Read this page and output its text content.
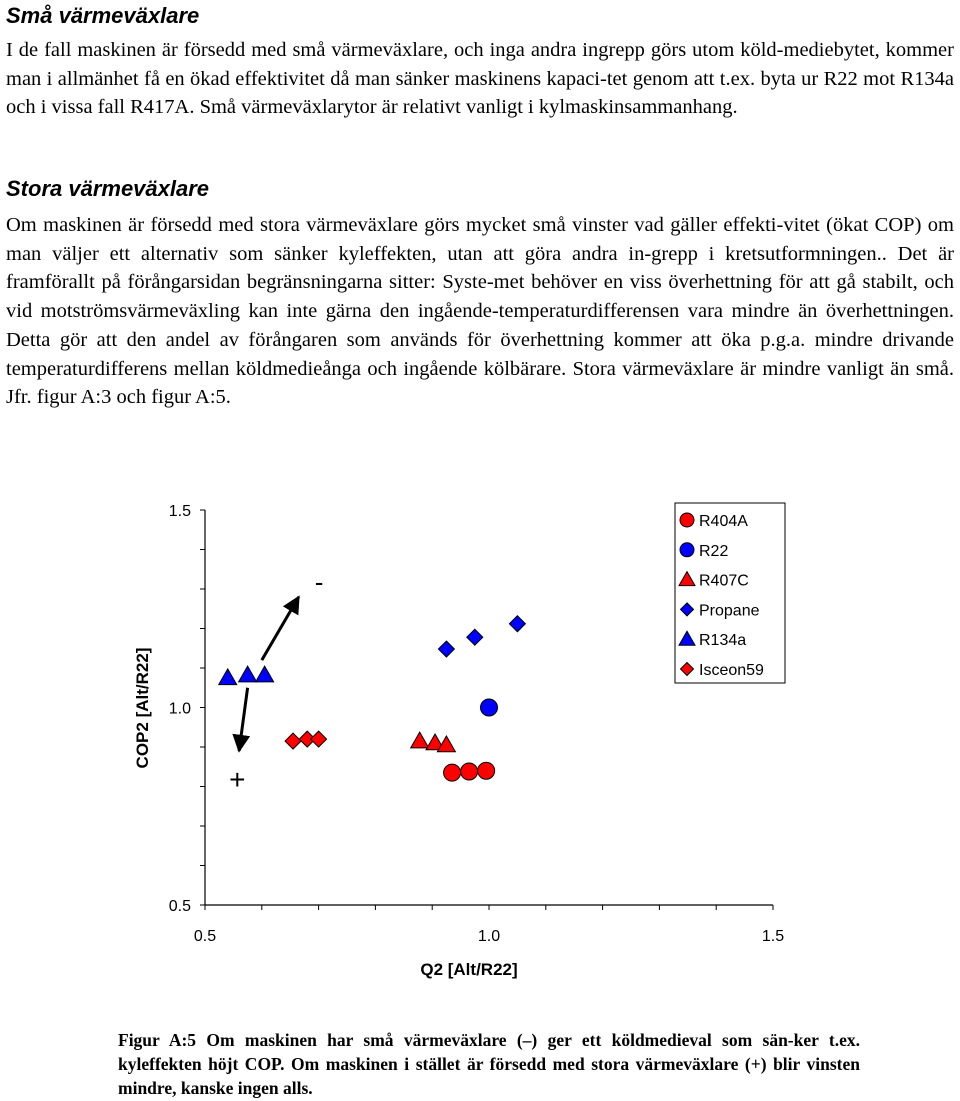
Små värmeväxlare

I de fall maskinen är försedd med små värmeväxlare, och inga andra ingrepp görs utom köld-mediebytet, kommer man i allmänhet få en ökad effektivitet då man sänker maskinens kapaci-tet genom att t.ex. byta ur R22 mot R134a och i vissa fall R417A. Små värmeväxlarytor är relativt vanligt i kylmaskinsammanhang.

Stora värmeväxlare

Om maskinen är försedd med stora värmeväxlare görs mycket små vinster vad gäller effekti-vitet (ökat COP) om man väljer ett alternativ som sänker kyleffekten, utan att göra andra in-grepp i kretsutformningen.. Det är framförallt på förångarsidan begränsningarna sitter: Syste-met behöver en viss överhettning för att gå stabilt, och vid motströmsvärmeväxling kan inte gärna den ingående-temperaturdifferensen vara mindre än överhettningen. Detta gör att den andel av förångaren som används för överhettning kommer att öka p.g.a. mindre drivande temperaturdifferens mellan köldmedieånga och ingående kölbärare. Stora värmeväxlare är mindre vanligt än små. Jfr. figur A:3 och figur A:5.

0.5	1.0	1.5
0.5
1.0
1.5
Q2 [Alt/R22]
COP2 [Alt/R22]
-
+
R404A
R22
R407C
Propane
R134a
Isceon59

Figur A:5 Om maskinen har små värmeväxlare (–) ger ett köldmedieval som sän-ker t.ex. kyleffekten höjt COP. Om maskinen i stället är försedd med stora värmeväxlare (+) blir vinsten mindre, kanske ingen alls.
